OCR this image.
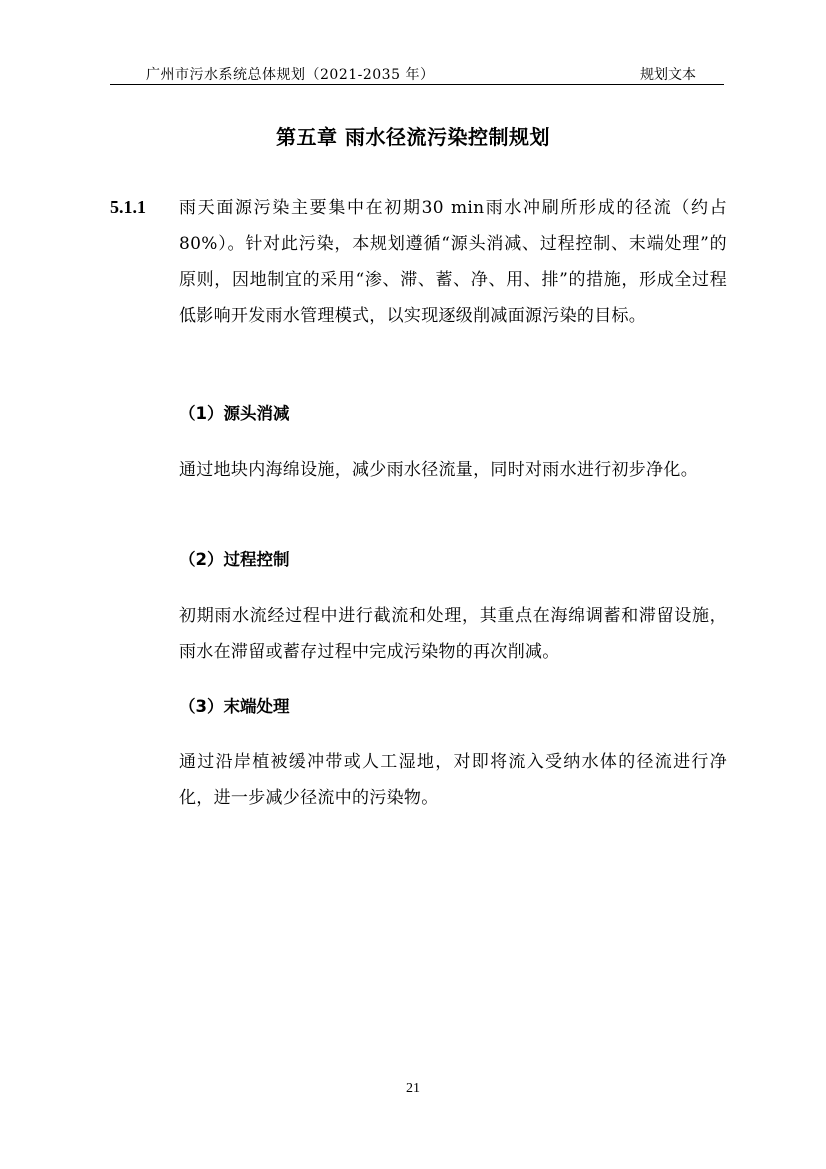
广州市污水系统总体规划（2021-2035 年）	规划文本
第五章 雨水径流污染控制规划
5.1.1 雨天面源污染主要集中在初期30 min雨水冲刷所形成的径流（约占80%）。针对此污染，本规划遵循“源头消减、过程控制、末端处理”的原则，因地制宜的采用“渗、滞、蓄、净、用、排”的措施，形成全过程低影响开发雨水管理模式，以实现逐级削减面源污染的目标。
（1）源头消减
通过地块内海绵设施，减少雨水径流量，同时对雨水进行初步净化。
（2）过程控制
初期雨水流经过程中进行截流和处理，其重点在海绵调蓄和滞留设施，雨水在滞留或蓄存过程中完成污染物的再次削减。
（3）末端处理
通过沿岸植被缓冲带或人工湿地，对即将流入受纳水体的径流进行净化，进一步减少径流中的污染物。
21
